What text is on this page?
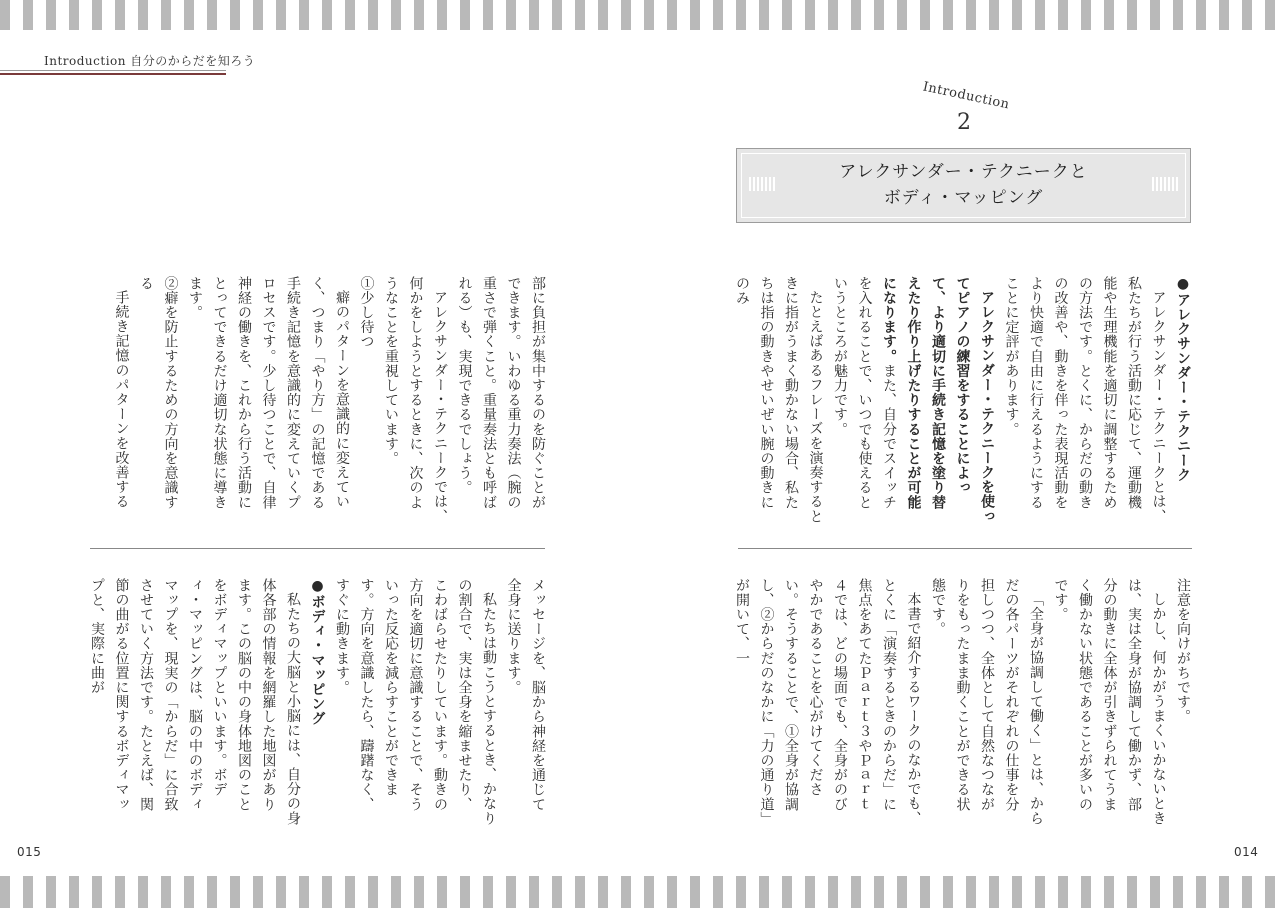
Introduction 自分のからだを知ろう
Introduction
2
アレクサンダー・テクニークと
ボディ・マッピング

●アレクサンダー・テクニーク

アレクサンダー・テクニークとは、私たちが行う活動に応じて、運動機能や生理機能を適切に調整するための方法です。とくに、からだの動きの改善や、動きを伴った表現活動をより快適で自由に行えるようにすることに定評があります。

アレクサンダー・テクニークを使ってピアノの練習をすることによって、より適切に手続き記憶を塗り替えたり作り上げたりすることが可能になります。また、自分でスイッチを入れることで、いつでも使えるというところが魅力です。

たとえばあるフレーズを演奏するときに指がうまく動かない場合、私たちは指の動きやせいぜい腕の動きにのみ

注意を向けがちです。

しかし、何かがうまくいかないときは、実は全身が協調して働かず、部分の動きに全体が引きずられてうまく働かない状態であることが多いのです。

「全身が協調して働く」とは、からだの各パーツがそれぞれの仕事を分担しつつ、全体として自然なつながりをもったまま動くことができる状態です。

本書で紹介するワークのなかでも、とくに「演奏するときのからだ」に焦点をあてたＰａｒｔ３やＰａｒｔ４では、どの場面でも、全身がのびやかであることを心がけてください。そうすることで、①全身が協調し、②からだのなかに「力の通り道」が開いて、一

部に負担が集中するのを防ぐことができます。いわゆる重力奏法（腕の重さで弾くこと。重量奏法とも呼ばれる）も、実現できるでしょう。

アレクサンダー・テクニークでは、何かをしようとするときに、次のようなことを重視しています。

①少し待つ

癖のパターンを意識的に変えていく、つまり「やり方」の記憶である手続き記憶を意識的に変えていくプロセスです。少し待つことで、自律神経の働きを、これから行う活動にとってできるだけ適切な状態に導きます。

②癖を防止するための方向を意識する

手続き記憶のパターンを改善する

メッセージを、脳から神経を通じて全身に送ります。

私たちは動こうとするとき、かなりの割合で、実は全身を縮ませたり、こわばらせたりしています。動きの方向を適切に意識することで、そういった反応を減らすことができます。方向を意識したら、躊躇なく、すぐに動きます。

●ボディ・マッピング

私たちの大脳と小脳には、自分の身体各部の情報を網羅した地図があります。この脳の中の身体地図のことをボディマップといいます。ボディ・マッピングは、脳の中のボディマップを、現実の「からだ」に合致させていく方法です。たとえば、関節の曲がる位置に関するボディマップと、実際に曲が

015	014
